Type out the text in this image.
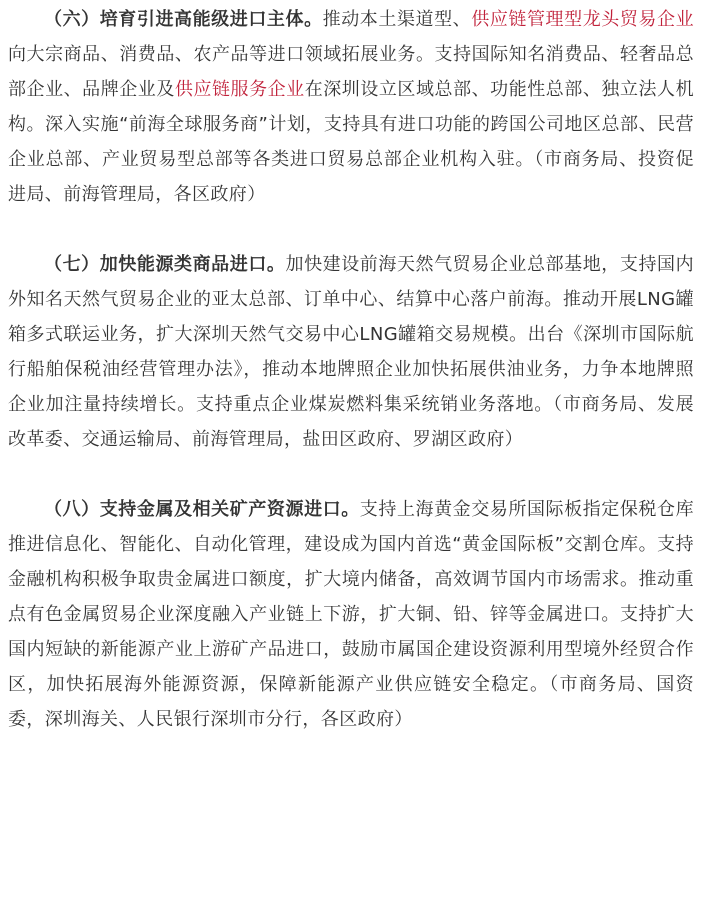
（六）培育引进高能级进口主体。推动本土渠道型、供应链管理型龙头贸易企业向大宗商品、消费品、农产品等进口领域拓展业务。支持国际知名消费品、轻奢品总部企业、品牌企业及供应链服务企业在深圳设立区域总部、功能性总部、独立法人机构。深入实施“前海全球服务商”计划，支持具有进口功能的跨国公司地区总部、民营企业总部、产业贸易型总部等各类进口贸易总部企业机构入驻。（市商务局、投资促进局、前海管理局，各区政府）

（七）加快能源类商品进口。加快建设前海天然气贸易企业总部基地，支持国内外知名天然气贸易企业的亚太总部、订单中心、结算中心落户前海。推动开展LNG罐箱多式联运业务，扩大深圳天然气交易中心LNG罐箱交易规模。出台《深圳市国际航行船舶保税油经营管理办法》，推动本地牌照企业加快拓展供油业务，力争本地牌照企业加注量持续增长。支持重点企业煤炭燃料集采统销业务落地。（市商务局、发展改革委、交通运输局、前海管理局，盐田区政府、罗湖区政府）

（八）支持金属及相关矿产资源进口。支持上海黄金交易所国际板指定保税仓库推进信息化、智能化、自动化管理，建设成为国内首选“黄金国际板”交割仓库。支持金融机构积极争取贵金属进口额度，扩大境内储备，高效调节国内市场需求。推动重点有色金属贸易企业深度融入产业链上下游，扩大铜、铅、锌等金属进口。支持扩大国内短缺的新能源产业上游矿产品进口，鼓励市属国企建设资源利用型境外经贸合作区，加快拓展海外能源资源，保障新能源产业供应链安全稳定。（市商务局、国资委，深圳海关、人民银行深圳市分行，各区政府）
